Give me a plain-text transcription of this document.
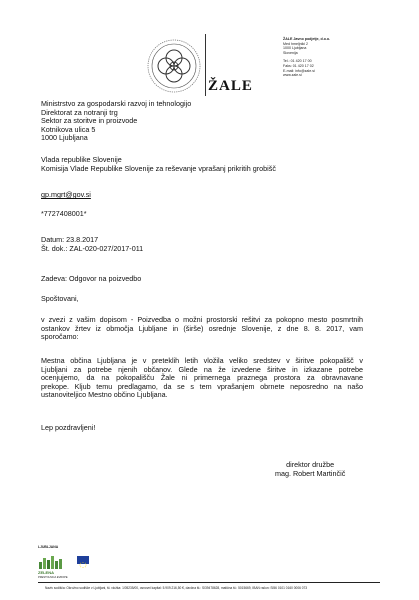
ŽALE
ŽALE Javno podjetje, d.o.o.
Med hmeljniki 2
1000 Ljubljana
Slovenija
Tel.: 01 420 17 00
Faks: 01 420 17 02
E-mail: info@zale.si
www.zale.si
Ministrstvo za gospodarski razvoj in tehnologijo
Direktorat za notranji trg
Sektor za storitve in proizvode
Kotnikova ulica 5
1000 Ljubljana
Vlada republike Slovenije
Komisija Vlade Republike Slovenije za reševanje vprašanj prikritih grobišč
gp.mgrt@gov.si
*7727408001*
Datum: 23.8.2017
Št. dok.: ZAL-020-027/2017-011
Zadeva: Odgovor na poizvedbo
Spoštovani,
v zvezi z vašim dopisom - Poizvedba o možni prostorski rešitvi za pokopno mesto posmrtnih
ostankov žrtev iz območja Ljubljane in (širše) osrednje Slovenije, z dne 8. 8. 2017, vam
sporočamo:
Mestna občina Ljubljana je v preteklih letih vložila veliko sredstev v širitve pokopališč v
Ljubljani za potrebe njenih občanov. Glede na že izvedene širitve in izkazane potrebe
ocenjujemo, da na pokopališču Žale ni primernega praznega prostora za obravnavane
prekope. Kljub temu predlagamo, da se s tem vprašanjem obrnete neposredno na našo
ustanoviteljico Mestno občino Ljubljana.
Lep pozdravljeni!
direktor družbe
mag. Robert Martinčič
LJUBLJANA
ZELENA
PRESTOLNICA EVROPE
Naziv sodišča: Okrožno sodišče v Ljubljani, št. vložka: 1/05235/00, osnovni kapital: 5.909.216,50 €, davčna št.: SI39478628, matična št.: 5015669, IBAN račun: SI56 0101 0160 0006 073
